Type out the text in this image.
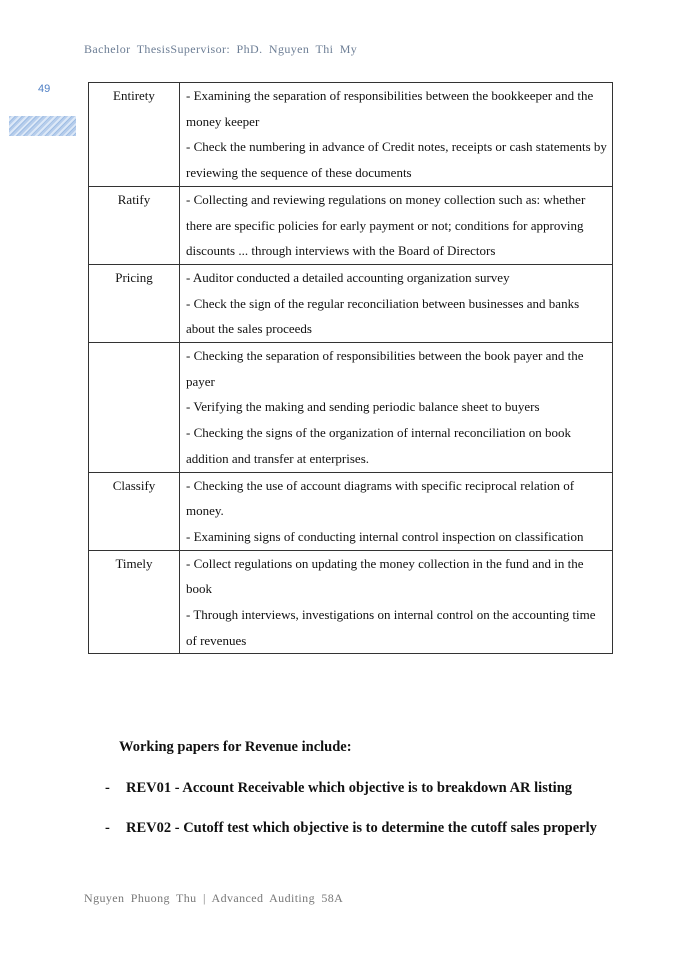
Bachelor ThesisSupervisor: PhD. Nguyen Thi My
49	Entirety	- Examining the separation of responsibilities between the bookkeeper and the money keeper
- Check the numbering in advance of Credit notes, receipts or cash statements by reviewing the sequence of these documents

Ratify	- Collecting and reviewing regulations on money collection such as: whether there are specific policies for early payment or not; conditions for approving discounts ... through interviews with the Board of Directors

Pricing	- Auditor conducted a detailed accounting organization survey
- Check the sign of the regular reconciliation between businesses and banks about the sales proceeds

	- Checking the separation of responsibilities between the book payer and the payer
- Verifying the making and sending periodic balance sheet to buyers
- Checking the signs of the organization of internal reconciliation on book addition and transfer at enterprises.

Classify	- Checking the use of account diagrams with specific reciprocal relation of money.
- Examining signs of conducting internal control inspection on classification

Timely	- Collect regulations on updating the money collection in the fund and in the book
- Through interviews, investigations on internal control on the accounting time of revenues
Working papers for Revenue include:
- REV01 - Account Receivable which objective is to breakdown AR listing
- REV02 - Cutoff test which objective is to determine the cutoff sales properly
Nguyen Phuong Thu | Advanced Auditing 58A
